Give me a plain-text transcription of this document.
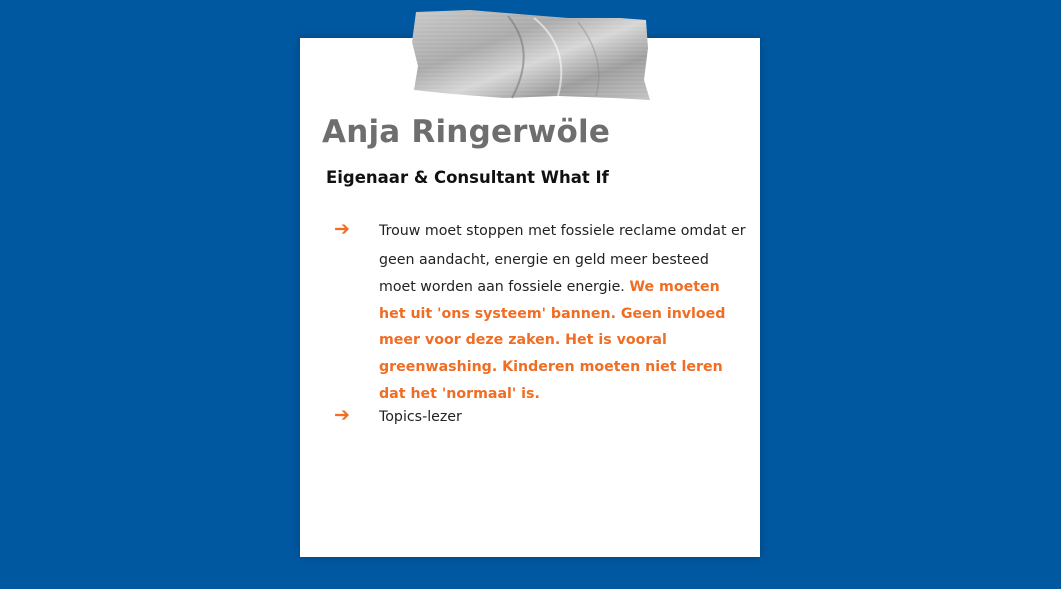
Anja Ringerwöle
Eigenaar & Consultant What If
➔ Trouw moet stoppen met fossiele reclame omdat er
geen aandacht, energie en geld meer besteed moet worden aan fossiele energie. We moeten het uit 'ons systeem' bannen. Geen invloed meer voor deze zaken. Het is vooral greenwashing. Kinderen moeten niet leren dat het 'normaal' is.
➔ Topics-lezer
